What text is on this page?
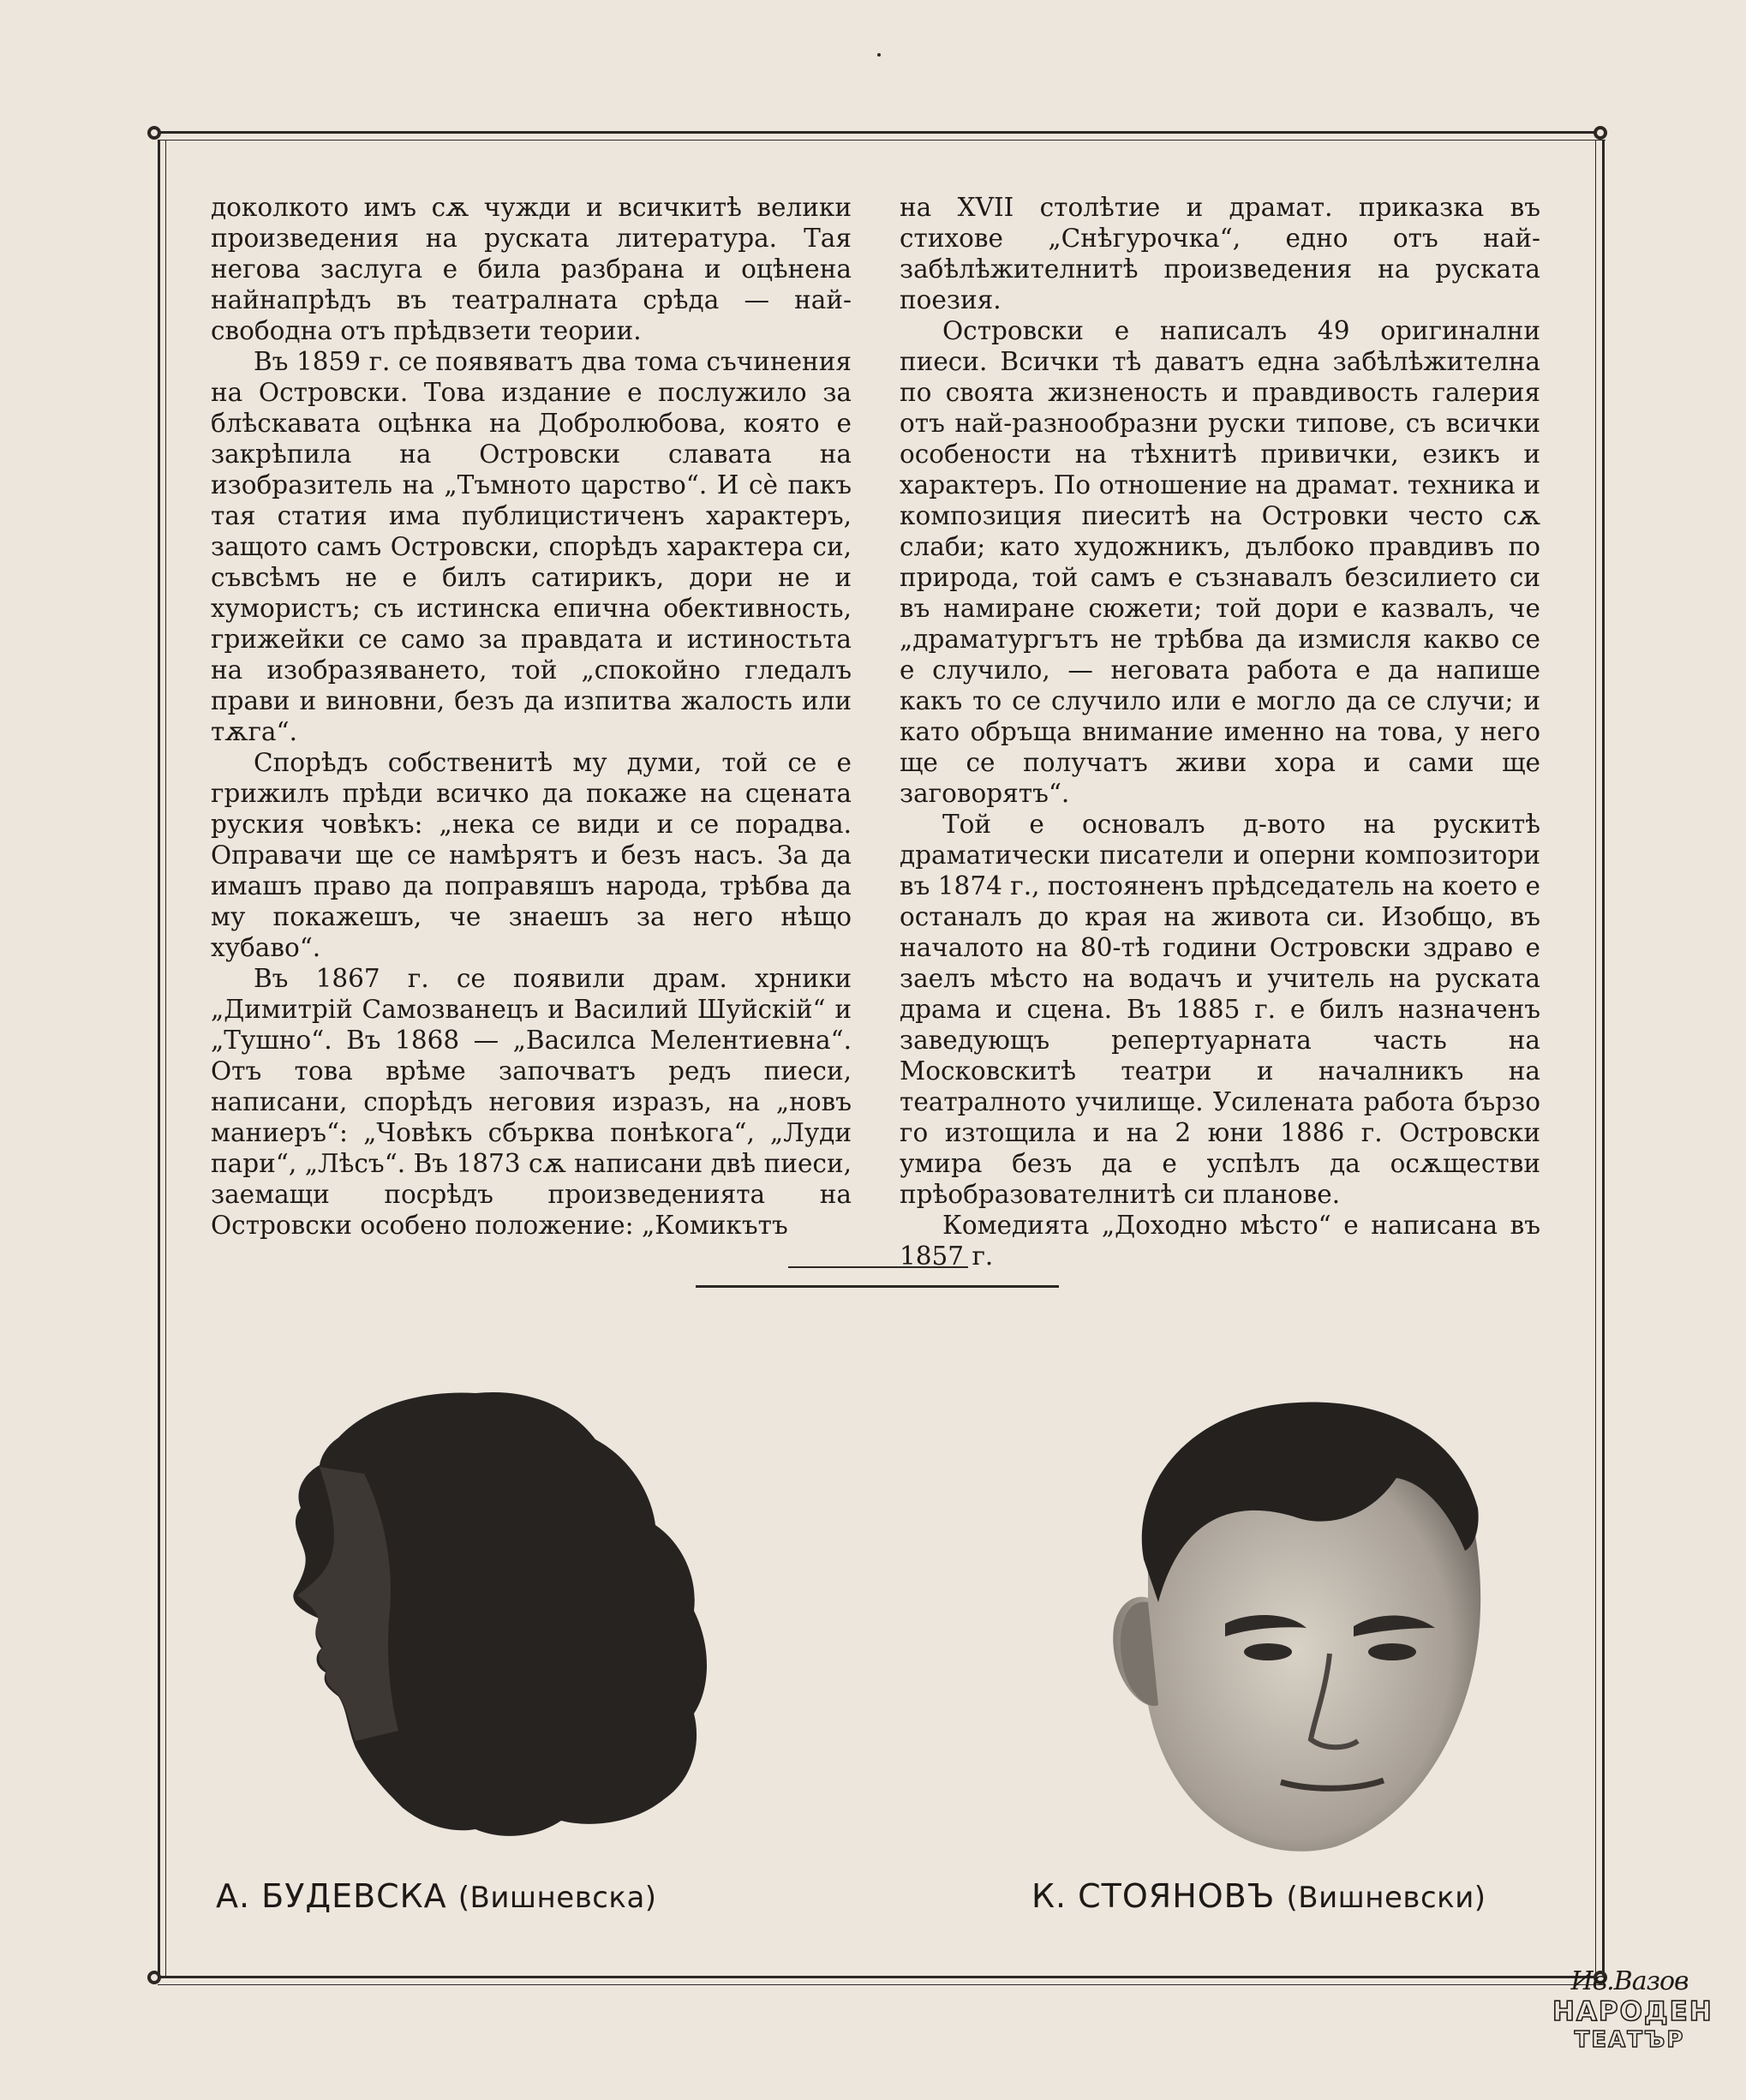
доколкото имъ сѫ чужди и всичкитѣ велики произведения на руската литература. Тая негова заслуга е била разбрана и оцѣнена найнапрѣдъ въ театралната срѣда — най-свободна отъ прѣдвзети теории.

Въ 1859 г. се появяватъ два тома съчинения на Островски. Това издание е послужило за блѣскавата оцѣнка на Добролюбова, която е закрѣпила на Островски славата на изобразитель на „Тъмното царство“. И сѐ пакъ тая статия има публицистиченъ характеръ, защото самъ Островски, спорѣдъ характера си, съвсѣмъ не е билъ сатирикъ, дори не и хумористъ; съ истинска епична обективность, грижейки се само за правдата и истиностьта на изобразяването, той „спокойно гледалъ прави и виновни, безъ да изпитва жалость или тѫга“.

Спорѣдъ собственитѣ му думи, той се е грижилъ прѣди всичко да покаже на сцената руския човѣкъ: „нека се види и се порадва. Оправачи ще се намѣрятъ и безъ насъ. За да имашъ право да поправяшъ народа, трѣбва да му покажешъ, че знаешъ за него нѣщо хубаво“.

Въ 1867 г. се появили драм. хрники „Димитрій Самозванецъ и Василий Шуйскій“ и „Тушно“. Въ 1868 — „Василса Мелентиевна“. Отъ това врѣме започватъ редъ пиеси, написани, спорѣдъ неговия изразъ, на „новъ маниеръ“: „Човѣкъ сбърква понѣкога“, „Луди пари“, „Лѣсъ“. Въ 1873 сѫ написани двѣ пиеси, заемащи посрѣдъ произведенията на Островски особено положение: „Комикътъ

на XVII столѣтие и драмат. приказка въ стихове „Снѣгурочка“, едно отъ най-забѣлѣжителнитѣ произведения на руската поезия.

Островски е написалъ 49 оригинални пиеси. Всички тѣ даватъ една забѣлѣжителна по своята жизненость и правдивость галерия отъ най-разнообразни руски типове, съ всички особености на тѣхнитѣ привички, езикъ и характеръ. По отношение на драмат. техника и композиция пиеситѣ на Островки често сѫ слаби; като художникъ, дълбоко правдивъ по природа, той самъ е съзнавалъ безсилието си въ намиране сюжети; той дори е казвалъ, че „драматургътъ не трѣбва да измисля какво се е случило, — неговата работа е да напише какъ то се случило или е могло да се случи; и като обръща внимание именно на това, у него ще се получатъ живи хора и сами ще заговорятъ“.

Той е основалъ д-вото на рускитѣ драматически писатели и оперни композитори въ 1874 г., постояненъ прѣдседатель на което е останалъ до края на живота си. Изобщо, въ началото на 80-тѣ години Островски здраво е заелъ мѣсто на водачъ и учитель на руската драма и сцена. Въ 1885 г. е билъ назначенъ заведующъ репертуарната часть на Московскитѣ театри и началникъ на театралното училище. Усилената работа бързо го изтощила и на 2 юни 1886 г. Островски умира безъ да е успѣлъ да осѫществи прѣобразователнитѣ си планове.

Комедията „Доходно мѣсто“ е написана въ 1857 г.

А. БУДЕВСКА (Вишневска)	К. СТОЯНОВЪ (Вишневски)
Ив.Вазов
НАРОДЕН
ТЕАТЪР
